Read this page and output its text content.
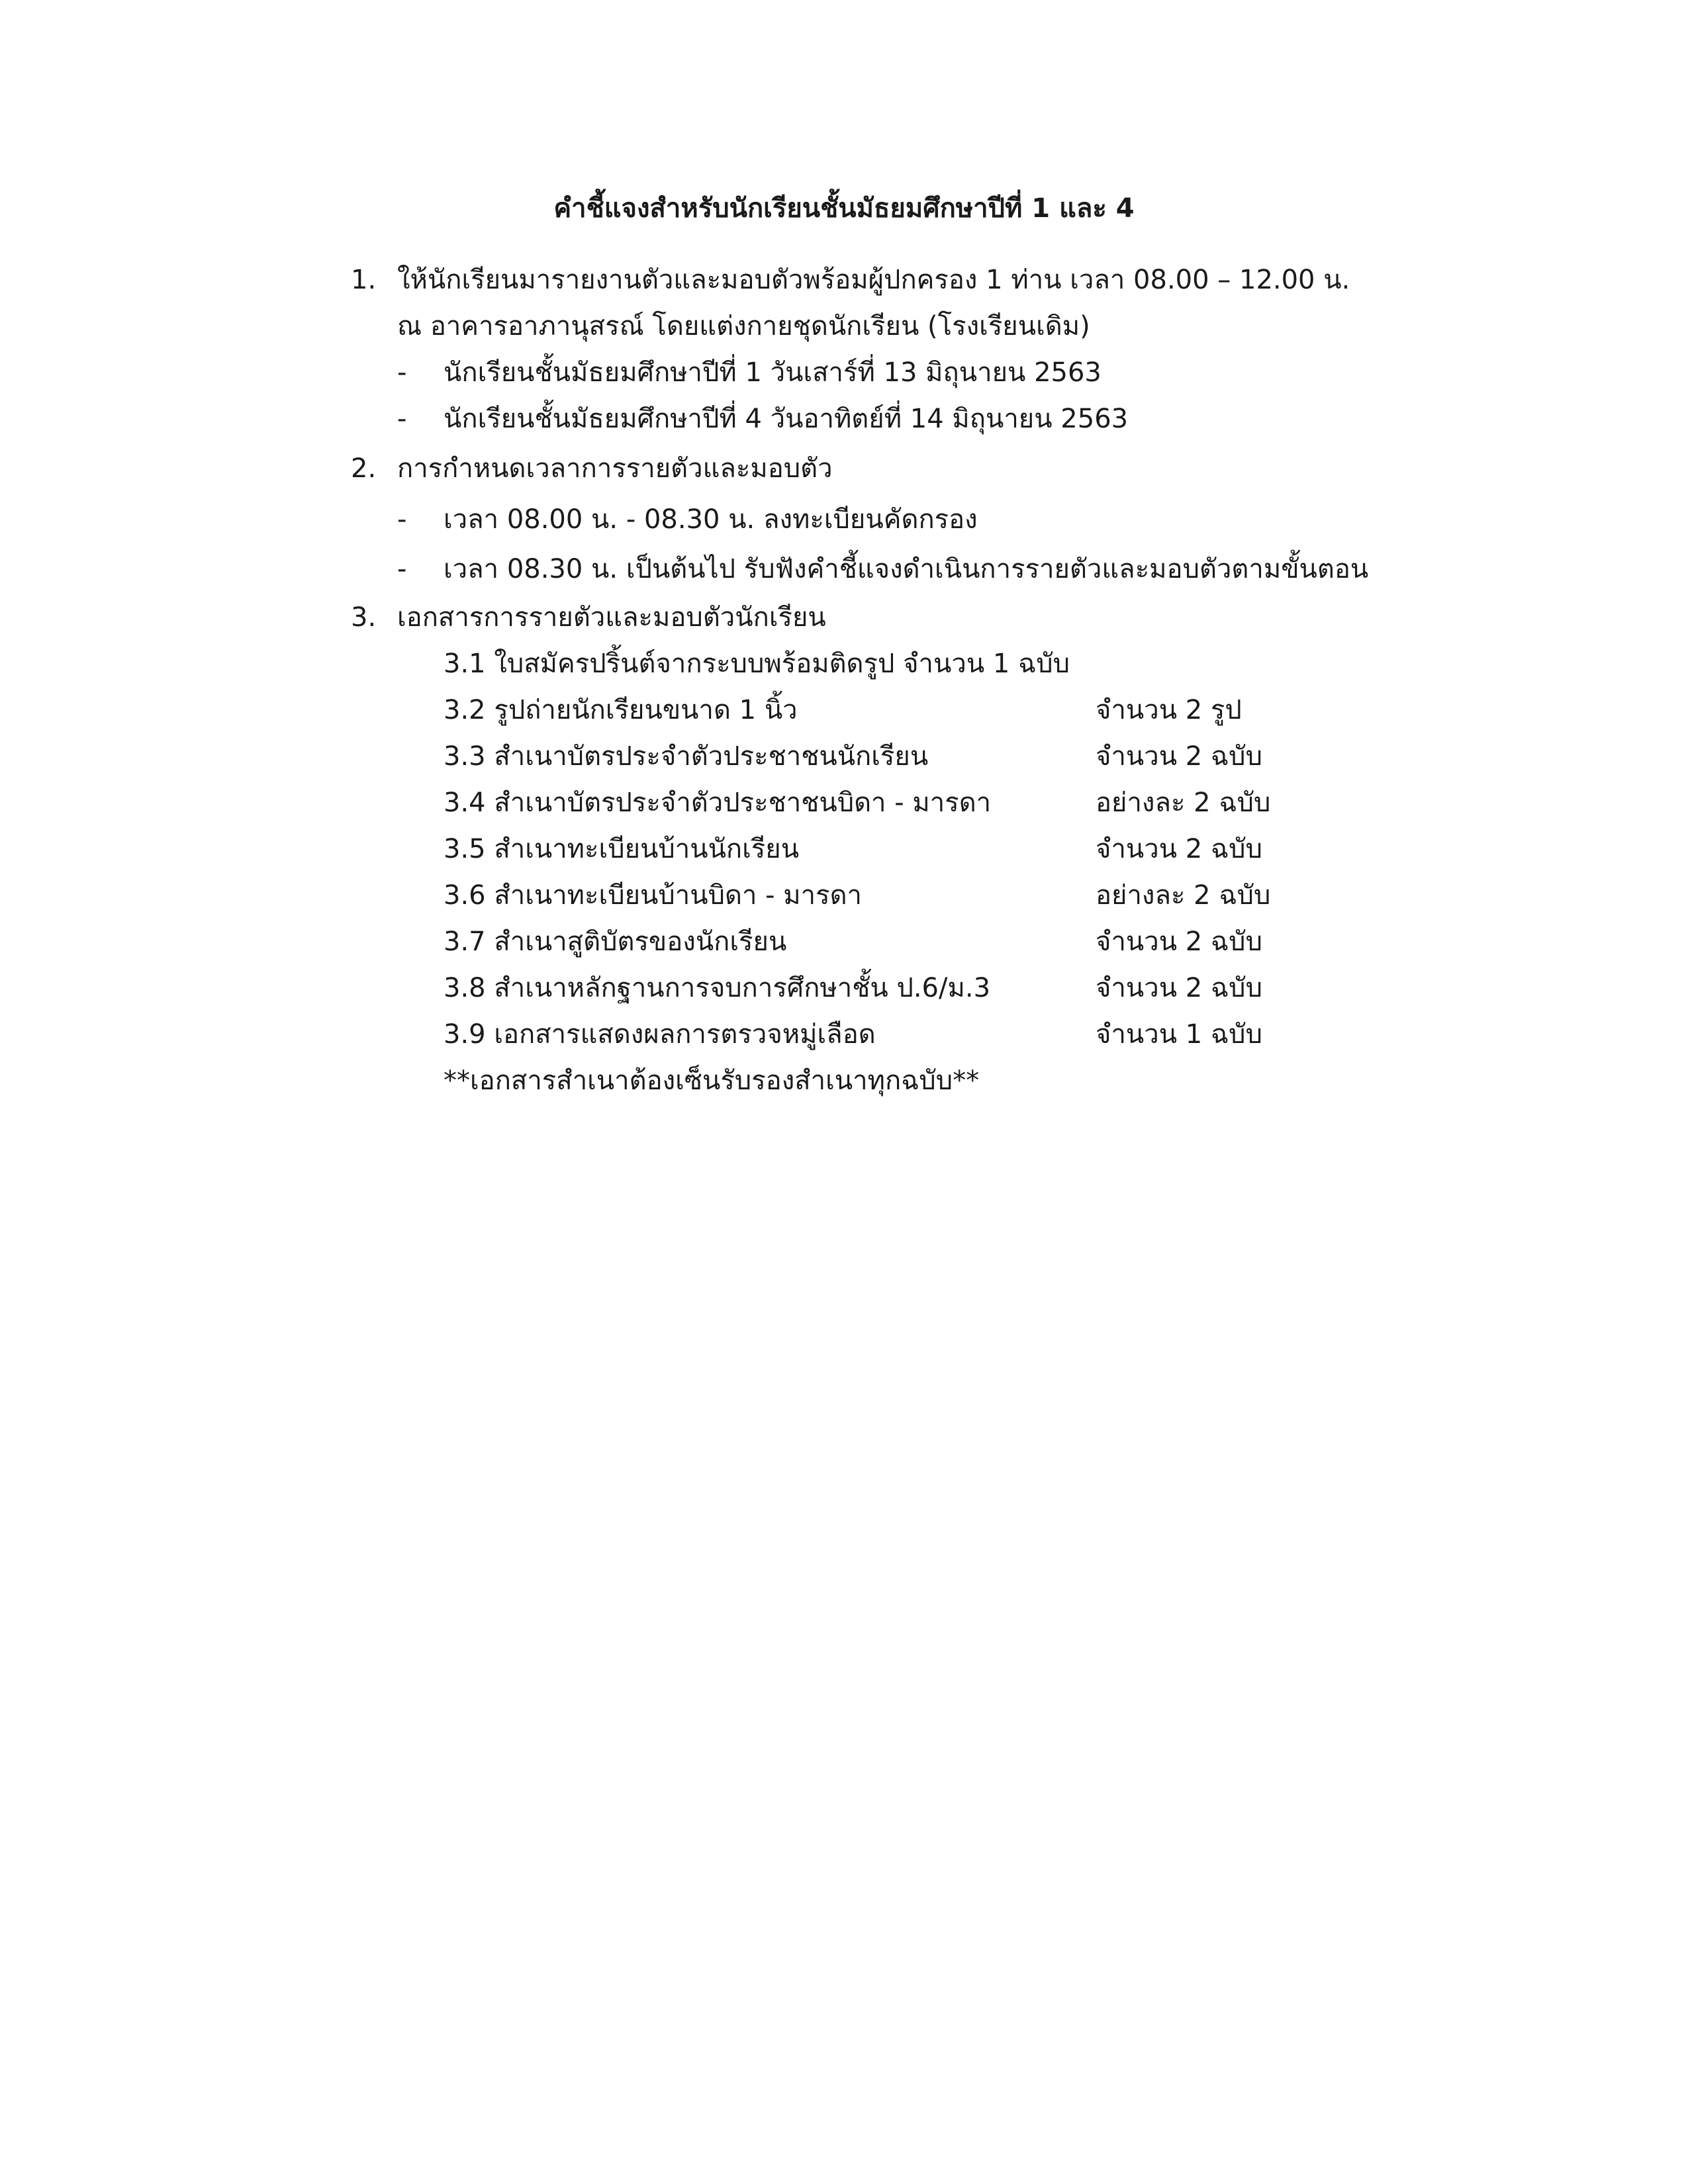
คำชี้แจงสำหรับนักเรียนชั้นมัธยมศึกษาปีที่ 1 และ 4
1. ให้นักเรียนมารายงานตัวและมอบตัวพร้อมผู้ปกครอง 1 ท่าน เวลา 08.00 – 12.00 น.
ณ อาคารอาภานุสรณ์ โดยแต่งกายชุดนักเรียน (โรงเรียนเดิม)
- นักเรียนชั้นมัธยมศึกษาปีที่ 1 วันเสาร์ที่ 13 มิถุนายน 2563
- นักเรียนชั้นมัธยมศึกษาปีที่ 4 วันอาทิตย์ที่ 14 มิถุนายน 2563
2. การกำหนดเวลาการรายตัวและมอบตัว
- เวลา 08.00 น. - 08.30 น. ลงทะเบียนคัดกรอง
- เวลา 08.30 น. เป็นต้นไป รับฟังคำชี้แจงดำเนินการรายตัวและมอบตัวตามขั้นตอน
3. เอกสารการรายตัวและมอบตัวนักเรียน
3.1 ใบสมัครปริ้นต์จากระบบพร้อมติดรูป จำนวน 1 ฉบับ
3.2 รูปถ่ายนักเรียนขนาด 1 นิ้ว	จำนวน 2 รูป
3.3 สำเนาบัตรประจำตัวประชาชนนักเรียน	จำนวน 2 ฉบับ
3.4 สำเนาบัตรประจำตัวประชาชนบิดา - มารดา	อย่างละ 2 ฉบับ
3.5 สำเนาทะเบียนบ้านนักเรียน	จำนวน 2 ฉบับ
3.6 สำเนาทะเบียนบ้านบิดา - มารดา	อย่างละ 2 ฉบับ
3.7 สำเนาสูติบัตรของนักเรียน	จำนวน 2 ฉบับ
3.8 สำเนาหลักฐานการจบการศึกษาชั้น ป.6/ม.3	จำนวน 2 ฉบับ
3.9 เอกสารแสดงผลการตรวจหมู่เลือด	จำนวน 1 ฉบับ
**เอกสารสำเนาต้องเซ็นรับรองสำเนาทุกฉบับ**
